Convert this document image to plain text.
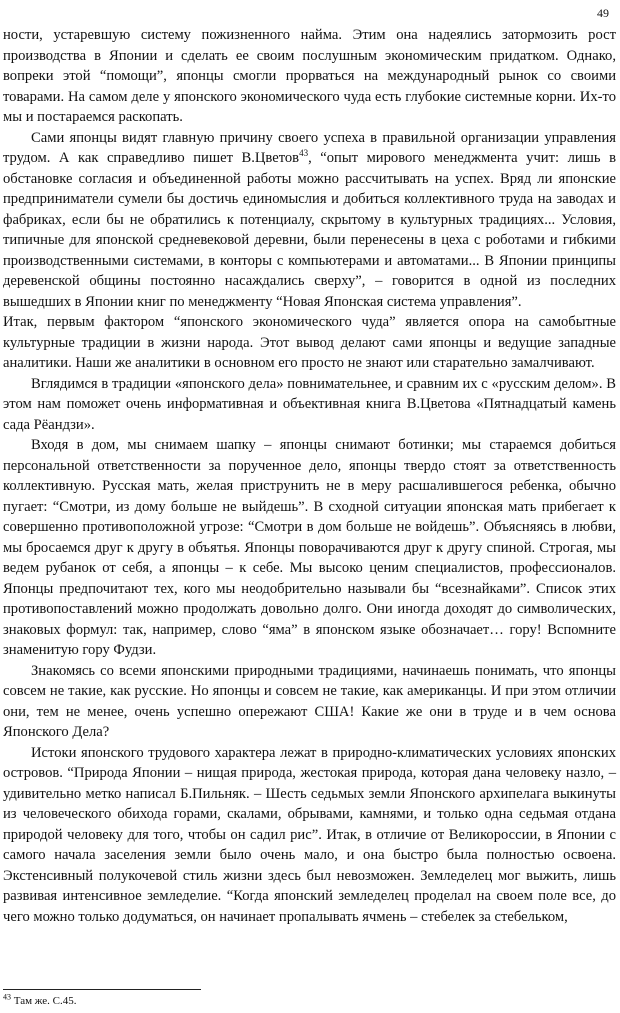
49

ности, устаревшую систему пожизненного найма. Этим она надеялись затормозить рост производства в Японии и сделать ее своим послушным экономическим придатком. Однако, вопреки этой “помощи”, японцы смогли прорваться на международный рынок со своими товарами. На самом деле у японского экономического чуда есть глубокие системные корни. Их-то мы и постараемся раскопать.

Сами японцы видят главную причину своего успеха в правильной организации управления трудом. А как справедливо пишет В.Цветов$^{43}$, “опыт мирового менеджмента учит: лишь в обстановке согласия и объединенной работы можно рассчитывать на успех. Вряд ли японские предприниматели сумели бы достичь единомыслия и добиться коллективного труда на заводах и фабриках, если бы не обратились к потенциалу, скрытому в культурных традициях... Условия, типичные для японской средневековой деревни, были перенесены в цеха с роботами и гибкими производственными системами, в конторы с компьютерами и автоматами... В Японии принципы деревенской общины постоянно насаждались сверху”, – говорится в одной из последних вышедших в Японии книг по менеджменту “Новая Японская система управления”.

Итак, первым фактором “японского экономического чуда” является опора на самобытные культурные традиции в жизни народа. Этот вывод делают сами японцы и ведущие западные аналитики. Наши же аналитики в основном его просто не знают или старательно замалчивают.

Вглядимся в традиции «японского дела» повнимательнее, и сравним их с «русским делом». В этом нам поможет очень информативная и объективная книга В.Цветова «Пятнадцатый камень сада Рёандзи».

Входя в дом, мы снимаем шапку – японцы снимают ботинки; мы стараемся добиться персональной ответственности за порученное дело, японцы твердо стоят за ответственность коллективную. Русская мать, желая приструнить не в меру расшалившегося ребенка, обычно пугает: “Смотри, из дому больше не выйдешь”. В сходной ситуации японская мать прибегает к совершенно противоположной угрозе: “Смотри в дом больше не войдешь”. Объясняясь в любви, мы бросаемся друг к другу в объятья. Японцы поворачиваются друг к другу спиной. Строгая, мы ведем рубанок от себя, а японцы – к себе. Мы высоко ценим специалистов, профессионалов. Японцы предпочитают тех, кого мы неодобрительно называли бы “всезнайками”. Список этих противопоставлений можно продолжать довольно долго. Они иногда доходят до символических, знаковых формул: так, например, слово “яма” в японском языке обозначает… гору! Вспомните знаменитую гору Фудзи.

Знакомясь со всеми японскими природными традициями, начинаешь понимать, что японцы совсем не такие, как русские. Но японцы и совсем не такие, как американцы. И при этом отличии они, тем не менее, очень успешно опережают США! Какие же они в труде и в чем основа Японского Дела?

Истоки японского трудового характера лежат в природно-климатических условиях японских островов. “Природа Японии – нищая природа, жестокая природа, которая дана человеку назло, – удивительно метко написал Б.Пильняк. – Шесть седьмых земли Японского архипелага выкинуты из человеческого обихода горами, скалами, обрывами, камнями, и только одна седьмая отдана природой человеку для того, чтобы он садил рис”. Итак, в отличие от Великороссии, в Японии с самого начала заселения земли было очень мало, и она быстро была полностью освоена. Экстенсивный полукочевой стиль жизни здесь был невозможен. Земледелец мог выжить, лишь развивая интенсивное земледелие. “Когда японский земледелец проделал на своем поле все, до чего можно только додуматься, он начинает пропалывать ячмень – стебелек за стебельком,

$^{43}$ Там же. С.45.
